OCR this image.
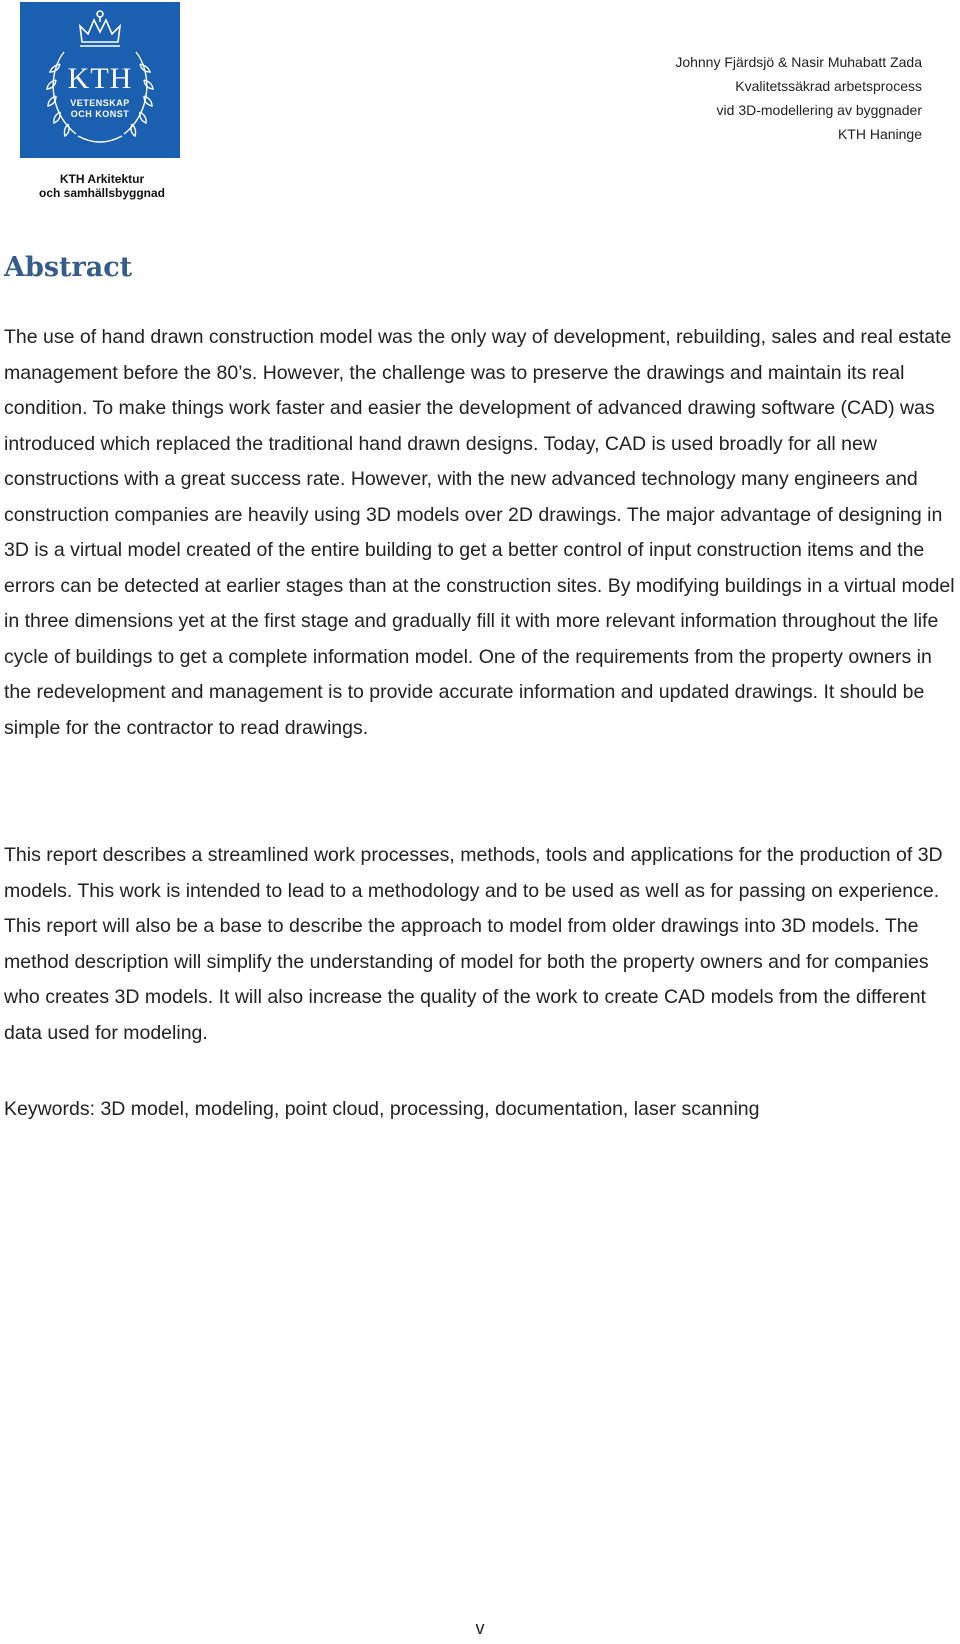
KTH
VETENSKAP
OCH KONST
KTH Arkitektur
och samhällsbyggnad
Johnny Fjärdsjö & Nasir Muhabatt Zada
Kvalitetssäkrad arbetsprocess
vid 3D-modellering av byggnader
KTH Haninge
Abstract

The use of hand drawn construction model was the only way of development, rebuilding, sales and real estate management before the 80’s. However, the challenge was to preserve the drawings and maintain its real condition. To make things work faster and easier the development of advanced drawing software (CAD) was introduced which replaced the traditional hand drawn designs. Today, CAD is used broadly for all new constructions with a great success rate. However, with the new advanced technology many engineers and construction companies are heavily using 3D models over 2D drawings. The major advantage of designing in 3D is a virtual model created of the entire building to get a better control of input construction items and the errors can be detected at earlier stages than at the construction sites. By modifying buildings in a virtual model in three dimensions yet at the first stage and gradually fill it with more relevant information throughout the life cycle of buildings to get a complete information model. One of the requirements from the property owners in the redevelopment and management is to provide accurate information and updated drawings. It should be simple for the contractor to read drawings.

This report describes a streamlined work processes, methods, tools and applications for the production of 3D models. This work is intended to lead to a methodology and to be used as well as for passing on experience. This report will also be a base to describe the approach to model from older drawings into 3D models. The method description will simplify the understanding of model for both the property owners and for companies who creates 3D models. It will also increase the quality of the work to create CAD models from the different data used for modeling.

Keywords: 3D model, modeling, point cloud, processing, documentation, laser scanning

v
